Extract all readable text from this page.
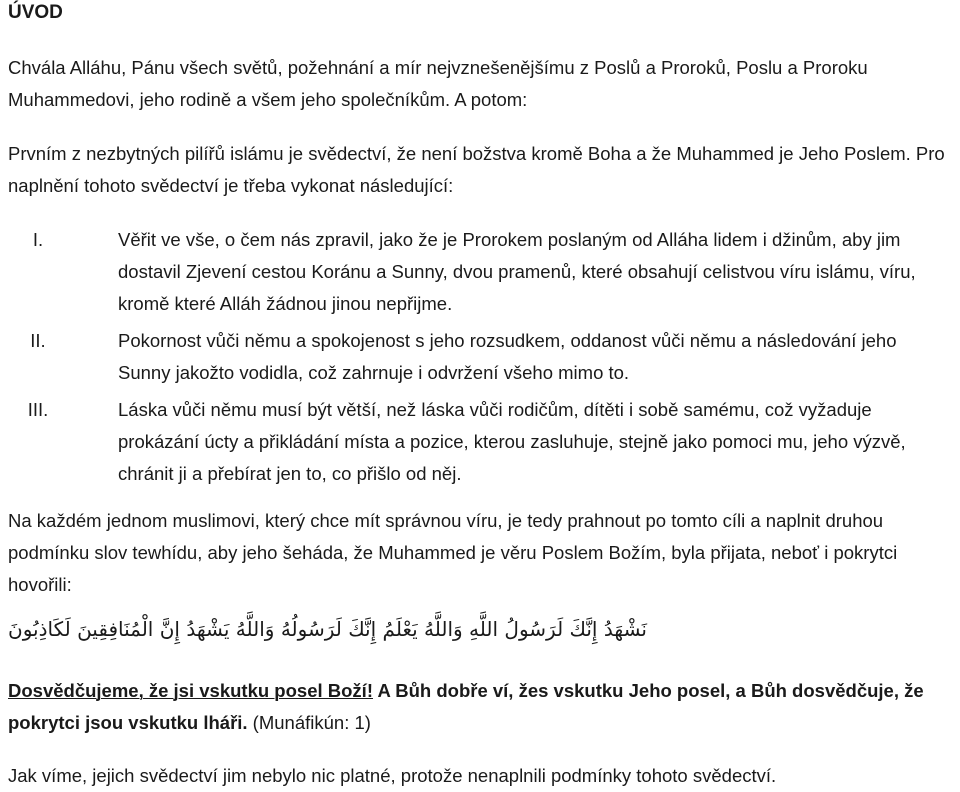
ÚVOD

Chvála Alláhu, Pánu všech světů, požehnání a mír nejvznešenějšímu z Poslů a Proroků, Poslu a Proroku Muhammedovi, jeho rodině a všem jeho společníkům. A potom:

Prvním z nezbytných pilířů islámu je svědectví, že není božstva kromě Boha a že Muhammed je Jeho Poslem. Pro naplnění tohoto svědectví je třeba vykonat následující:

I.	Věřit ve vše, o čem nás zpravil, jako že je Prorokem poslaným od Alláha lidem i džinům, aby jim dostavil Zjevení cestou Koránu a Sunny, dvou pramenů, které obsahují celistvou víru islámu, víru, kromě které Alláh žádnou jinou nepřijme.
II.	Pokornost vůči němu a spokojenost s jeho rozsudkem, oddanost vůči němu a následování jeho Sunny jakožto vodidla, což zahrnuje i odvržení všeho mimo to.
III.	Láska vůči němu musí být větší, než láska vůči rodičům, dítěti i sobě samému, což vyžaduje prokázání úcty a přikládání místa a pozice, kterou zasluhuje, stejně jako pomoci mu, jeho výzvě, chránit ji a přebírat jen to, co přišlo od něj.

Na každém jednom muslimovi, který chce mít správnou víru, je tedy prahnout po tomto cíli a naplnit druhou podmínku slov tewhídu, aby jeho šeháda, že Muhammed je věru Poslem Božím, byla přijata, neboť i pokrytci hovořili:

نَشْهَدُ إِنَّكَ لَرَسُولُ اللَّهِ وَاللَّهُ يَعْلَمُ إِنَّكَ لَرَسُولُهُ وَاللَّهُ يَشْهَدُ إِنَّ الْمُنَافِقِينَ لَكَاذِبُونَ

Dosvědčujeme, že jsi vskutku posel Boží! A Bůh dobře ví, žes vskutku Jeho posel, a Bůh dosvědčuje, že pokrytci jsou vskutku lháři. (Munáfikún: 1)

Jak víme, jejich svědectví jim nebylo nic platné, protože nenaplnili podmínky tohoto svědectví.
